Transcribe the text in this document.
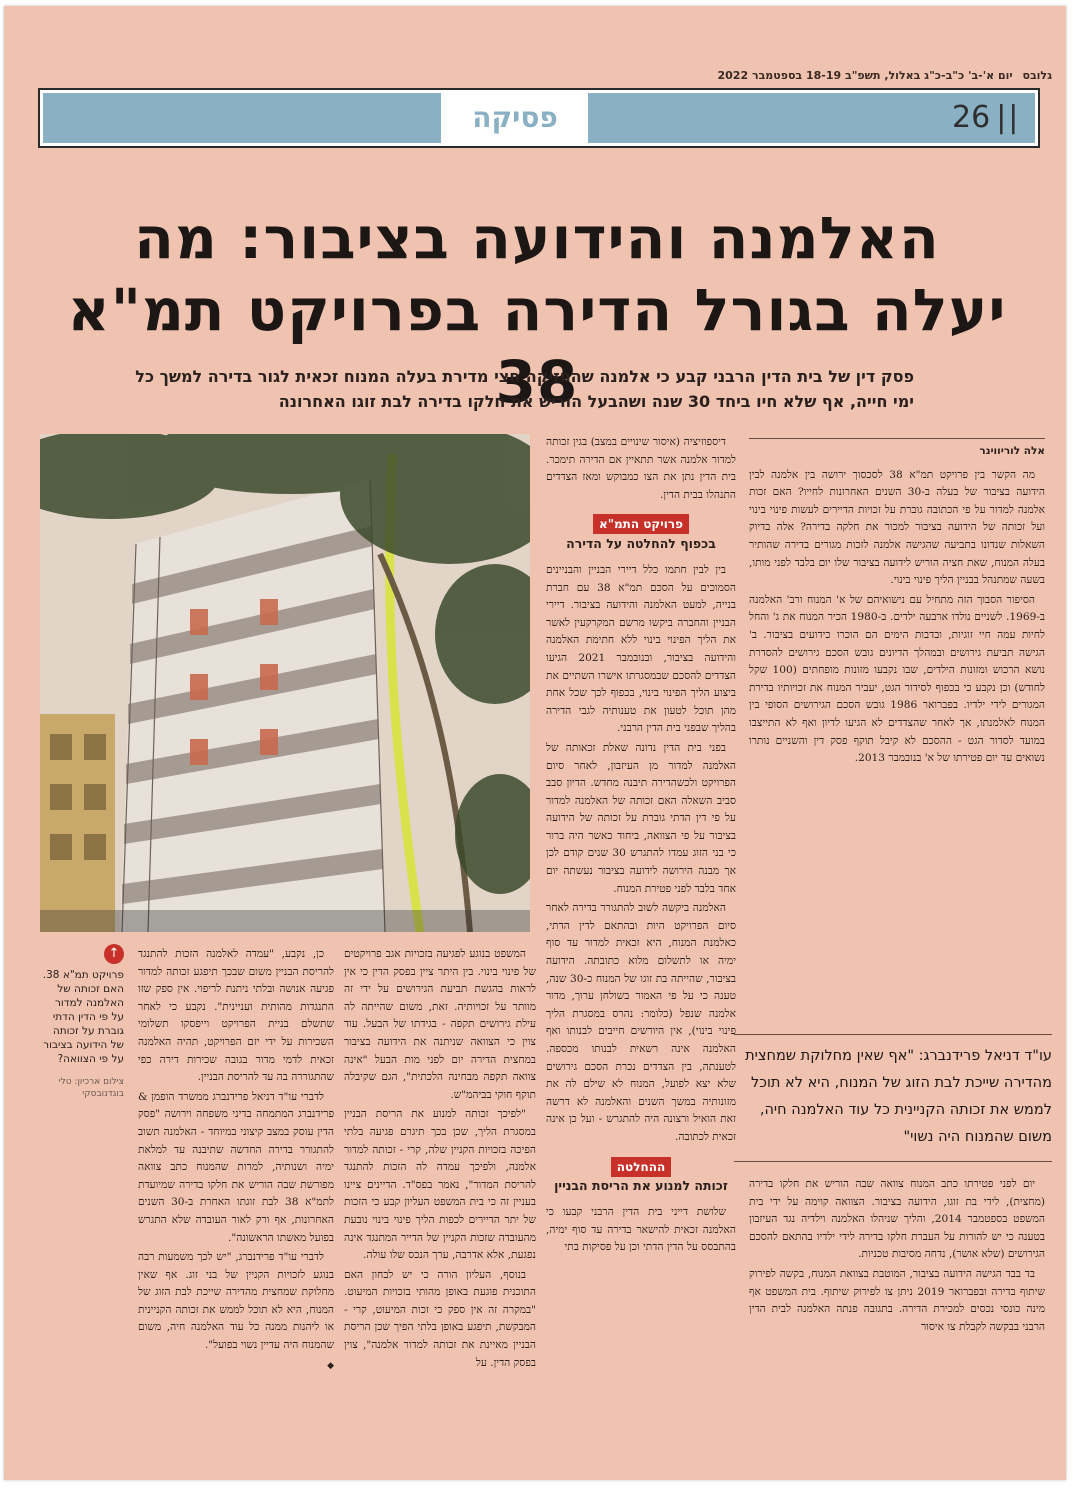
גלובס יום א'-ב' כ"ב-כ"ג באלול, תשפ"ב 18-19 בספטמבר 2022
פסיקה	26 ||
האלמנה והידועה בציבור: מה יעלה בגורל הדירה בפרויקט תמ"א 38
פסק דין של בית הדין הרבני קבע כי אלמנה שהחזיקה חצי מדירת בעלה המנוח זכאית לגור בדירה למשך כל ימי חייה, אף שלא חיו ביחד 30 שנה ושהבעל הוריש את חלקו בדירה לבת זוגו האחרונה
אלה לוריווינר

מה הקשר בין פרויקט תמ"א 38 לסכסוך ירושה בין אלמנה לבין הידועה בציבור של בעלה ב-30 השנים האחרונות לחייו? האם זכות אלמנה למדור על פי הכתובה גוברת על זכויות הדיירים לעשות פינוי בינוי ועל זכותה של הידועה בציבור למכור את חלקה בדירה? אלה בדיוק השאלות שנדונו בתביעה שהגישה אלמנה לזכות מגורים בדירה שהותיר בעלה המנוח, שאת חציה הוריש לידועה בציבור שלו יום בלבד לפני מותו, בשעה שמתנהל בבניין הליך פינוי בינוי.

הסיפור הסבוך הזה מתחיל עם נישואיהם של א' המנוח ורב' האלמנה ב-1969. לשניים נולדו ארבעה ילדים. ב-1980 הכיר המנוח את ג' והחל לחיות עמה חיי זוגיות, ובדבות הימים הם הוכרו כידועים בציבור. ב' הגישה תביעת גירושים ובמהלך הדיונים גובש הסכם גירושים להסדרת נושא הרכוש ומזונות הילדים, שבו נקבעו מזונות מופחתים (100 שקל לחודש) וכן נקבע כי בכפוף לסידור הגט, יעביר המנוח את זכויותיו בדירת המגורים לידי ילדיו. בפברואר 1986 גובש הסכם הגירושים הסופי בין המנוח לאלמנתו, אך לאחר שהצדדים לא הגיעו לדיון ואף לא התייצבו במועד לסדור הגט - ההסכם לא קיבל תוקף פסק דין והשניים נותרו נשואים עד יום פטירתו של א' בנובמבר 2013.

עו"ד דניאל פרידנברג: "אף שאין מחלוקת שמחצית מהדירה שייכת לבת הזוג של המנוח, היא לא תוכל לממש את זכותה הקניינית כל עוד האלמנה חיה, משום שהמנוח היה נשוי"

יום לפני פטירתו כתב המנוח צוואה שבה הוריש את חלקו בדירה (מחצית), לידי בת זוגו, הידועה בציבור. הצוואה קוימה על ידי בית המשפט בספטמבר 2014, והליך שניהלו האלמנה וילדיה נגד העיזבון בטענה כי יש להורות על העברת חלקו בדירה לידי ילדיו בהתאם להסכם הגירושים (שלא אושר), נדחה מסיבות טכניות.

בד בבד הגישה הידועה בציבור, המוטבת בצוואת המנוח, בקשה לפירוק שיתוף בדירה ובפברואר 2019 ניתן צו לפירוק שיתוף. בית המשפט אף מינה כונסי נכסים למכירת הדירה. בתגובה פנתה האלמנה לבית הדין הרבני בבקשה לקבלת צו איסור

דיספוזיציה (איסור שינויים במצב) בגין זכותה למדור אלמנה אשר תתאיין אם הדירה תימכר. בית הדין נתן את הצו כמבוקש ומאז הצדדים התנהלו בבית הדין.

פרויקט התמ"א
בכפוף להחלטה על הדירה

בין לבין חתמו כלל דיירי הבניין והבניינים הסמוכים על הסכם תמ"א 38 עם חברת בנייה, למעט האלמנה והידועה בציבור. דיירי הבניין והחברה ביקשו מרשם המקרקעין לאשר את הליך הפינוי בינוי ללא חתימת האלמנה והידועה בציבור, ובנובמבר 2021 הגיעו הצדדים להסכם שבמסגרתו אישרו השתיים את ביצוע הליך הפינוי בינוי, בכפוף לכך שכל אחת מהן תוכל לטעון את טענותיה לגבי הדירה בהליך שבפני בית הדין הרבני.

בפני בית הדין נדונה שאלת זכאותה של האלמנה למדור מן העיזבון, לאחר סיום הפרויקט ולכשהדירה תיבנה מחדש. הדיון סבב סביב השאלה האם זכותה של האלמנה למדור על פי דין הדתי גוברת על זכותה של הידועה בציבור על פי הצוואה, ביחוד כאשר היה ברור כי בני הזוג עמדו להתגרש 30 שנים קודם לכן אך מבנה הירושה לידועה בציבור נעשתה יום אחד בלבד לפני פטירת המנוח.

האלמנה ביקשה לשוב להתגורר בדירה לאחר סיום הפרויקט היות ובהתאם לדין הדתי, כאלמנת המנוח, היא זכאית למדור עד סוף ימיה או לתשלום מלוא כתובתה. הידועה בציבור, שהייתה בת זוגו של המנוח כ-30 שנה, טענה כי על פי האמור בשולחן ערוך, מדור אלמנה שנפל (כלומר: נהרס במסגרת הליך פינוי בינוי), אין היורשים חייבים לבנותו ואף האלמנה אינה רשאית לבנותו מכספה. לטענתה, בין הצדדים נכרת הסכם גירושים שלא יצא לפועל, המנוח לא שילם לה את מזונותיה במשך השנים והאלמנה לא דרשה זאת הואיל ורצונה היה להתגרש - ועל כן אינה זכאית לכתובה.

ההחלטה
זכותה למנוע את הריסת הבניין

שלושת דייני בית הדין הרבני קבעו כי האלמנה זכאית להישאר בדירה עד סוף ימיה, בהתבסס על הדין הדתי וכן על פסיקות בתי

↑
פרויקט תמ"א 38. האם זכותה של האלמנה למדור על פי הדין הדתי גוברת על זכותה של הידועה בציבור על פי הצוואה?
צילום ארכיון: טלי בוגדנובסקי

המשפט בנוגע לפגיעה בזכויות אגב פרויקטים של פינוי בינוי. בין היתר ציין בפסק הדין כי אין לראות בהגשת תביעת הגירושים על ידי זה מוותר על זכויותיה. זאת, משום שהייתה לה עילת גירושים תקפה - בגידתו של הבעל. עוד צוין כי הצוואה שניתנה את הידועה בציבור במחצית הדירה יום לפני מות הבעל "אינה צוואה תקפה מבחינה הלכתית", הגם שקיבלה תוקף חוקי בביהמ"ש.

"לפיכך זכותה למנוע את הריסת הבניין במסגרת הליך, שכן בכך תיגרם פגיעה בלתי הפיכה בזכויות הקניין שלה, קרי - זכותה למדור אלמנה, ולפיכך עמדה לה הזכות להתנגד להריסת המדור", נאמר בפס"ד. הדיינים ציינו בעניין זה כי בית המשפט העליון קבע כי הזכות של יתר הדיירים לכפות הליך פינוי בינוי נובעת מהעובדה שזכות הקניין של הדייר המתנגד אינה נפגעת, אלא אדרבה, ערך הנכס שלו עולה.

בנוסף, העליון הורה כי יש לבחון האם התוכנית פוגעת באופן מהותי בזכויות המיעוט. "במקרה זה אין ספק כי זכות המיעוט, קרי - המבקשת, תיפגע באופן בלתי הפיך שכן הריסת הבניין מאיינת את זכותה למדור אלמנה", צוין בפסק הדין. על

כן, נקבע, "עמדה לאלמנה הזכות להתנגד להריסת הבניין משום שבכך תיפגע זכותה למדור פגיעה אנושה ובלתי ניתנת לריפוי. אין ספק שזו התנגדות מהותית ועניינית". נקבע כי לאחר שתשלם בניית הפרויקט וייפסקו תשלומי השכירות על ידי יזם הפרויקט, תהיה האלמנה זכאית לדמי מדור בגובה שכירות דירה כפי שהתגוררה בה עד להריסת הבניין.

לדברי עו"ד דניאל פרידנברג ממשרד הופמן & פרידנברג המתמחה בדיני משפחה וירושה "פסק הדין עוסק במצב קיצוני במיוחד - האלמנה תשוב להתגורר בדירה החדשה שתיבנה עד למלאת ימיה ושנותיה, למרות שהמנוח כתב צוואה מפורשת שבה הוריש את חלקו בדירה שמיועדת לתמ"א 38 לבת זוגתו האחרת ב-30 השנים האחרונות, אף ורק לאור העובדה שלא התגרש בפועל מאשתו הראשונה".

לדברי עו"ד פרידנברג, "יש לכך משמעות רבה בנוגע לזכויות הקניין של בני זוג. אף שאין מחלוקת שמחצית מהדירה שייכת לבת הזוג של המנוח, היא לא תוכל לממש את זכותה הקניינית או ליהנות ממנה כל עוד האלמנה חיה, משום שהמנוח היה עדיין נשוי בפועל".

◆
